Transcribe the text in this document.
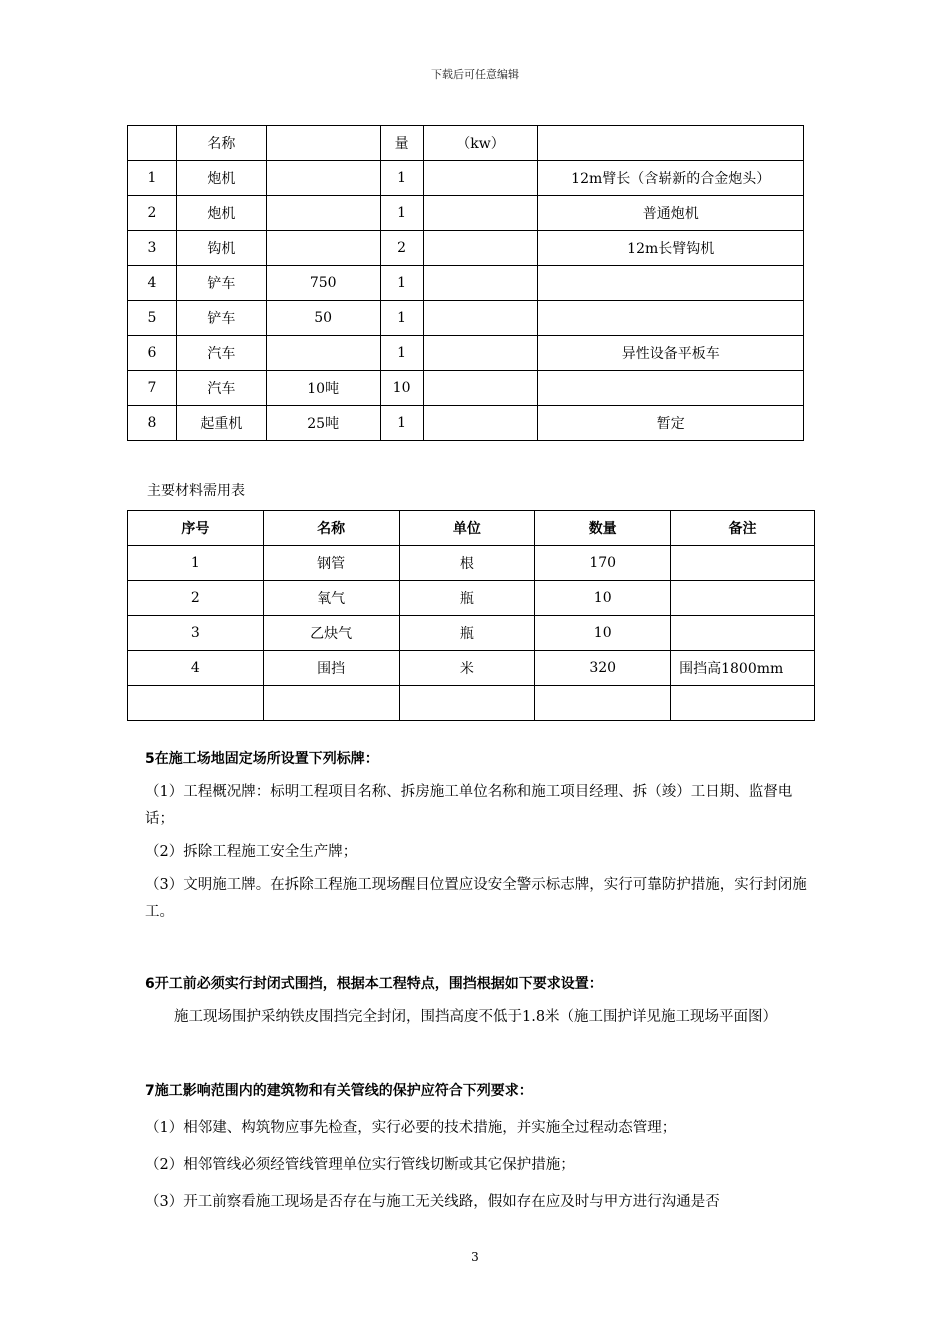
下载后可任意编辑
	名称		量	（kw）	
1	炮机		1		12m臂长（含崭新的合金炮头）
2	炮机		1		普通炮机
3	钩机		2		12m长臂钩机
4	铲车	750	1		
5	铲车	50	1		
6	汽车		1		异性设备平板车
7	汽车	10吨	10		
8	起重机	25吨	1		暂定
主要材料需用表
序号	名称	单位	数量	备注
1	钢管	根	170	
2	氧气	瓶	10	
3	乙炔气	瓶	10	
4	围挡	米	320	围挡高1800mm

5在施工场地固定场所设置下列标牌：
（1）工程概况牌：标明工程项目名称、拆房施工单位名称和施工项目经理、拆（竣）工日期、监督电话；
（2）拆除工程施工安全生产牌；
（3）文明施工牌。在拆除工程施工现场醒目位置应设安全警示标志牌，实行可靠防护措施，实行封闭施工。
6开工前必须实行封闭式围挡，根据本工程特点，围挡根据如下要求设置：
施工现场围护采纳铁皮围挡完全封闭，围挡高度不低于1.8米（施工围护详见施工现场平面图）
7施工影响范围内的建筑物和有关管线的保护应符合下列要求：
（1）相邻建、构筑物应事先检查，实行必要的技术措施，并实施全过程动态管理；
（2）相邻管线必须经管线管理单位实行管线切断或其它保护措施；
（3）开工前察看施工现场是否存在与施工无关线路，假如存在应及时与甲方进行沟通是否
3
